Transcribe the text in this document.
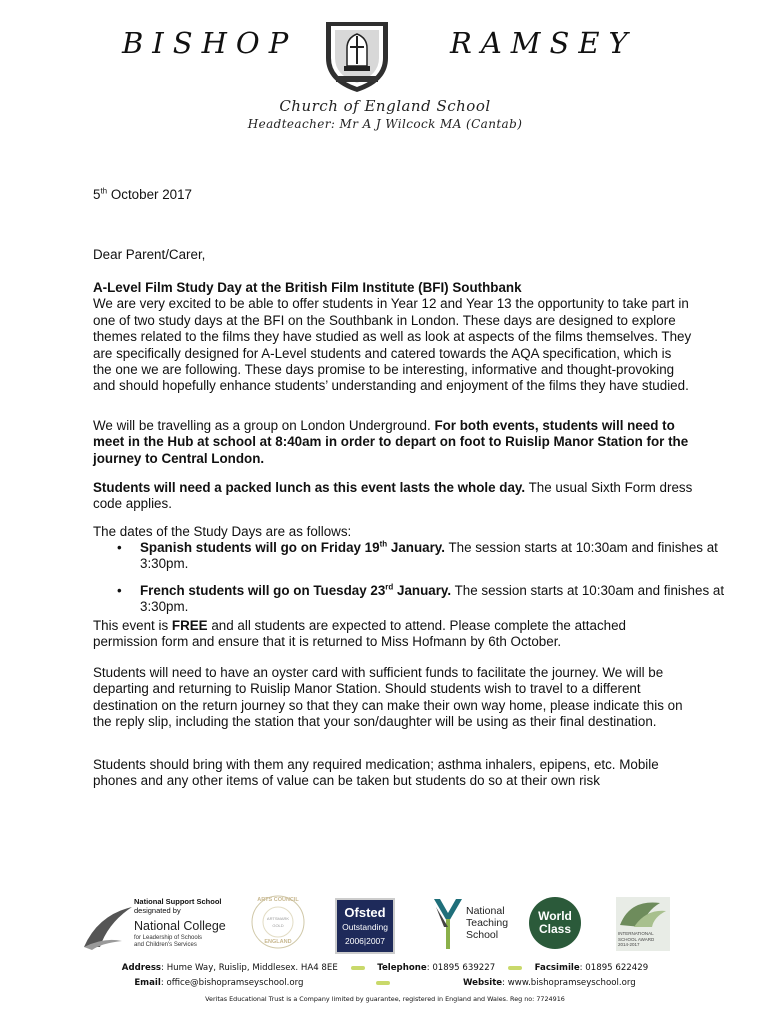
BISHOP	RAMSEY
Church of England School
Headteacher: Mr A J Wilcock MA (Cantab)
5th October 2017
Dear Parent/Carer,
A-Level Film Study Day at the British Film Institute (BFI) Southbank
We are very excited to be able to offer students in Year 12 and Year 13 the opportunity to take part in one of two study days at the BFI on the Southbank in London. These days are designed to explore themes related to the films they have studied as well as look at aspects of the films themselves. They are specifically designed for A-Level students and catered towards the AQA specification, which is the one we are following. These days promise to be interesting, informative and thought-provoking and should hopefully enhance students’ understanding and enjoyment of the films they have studied.
We will be travelling as a group on London Underground. For both events, students will need to meet in the Hub at school at 8:40am in order to depart on foot to Ruislip Manor Station for the journey to Central London.
Students will need a packed lunch as this event lasts the whole day. The usual Sixth Form dress code applies.
The dates of the Study Days are as follows:
• Spanish students will go on Friday 19th January. The session starts at 10:30am and finishes at 3:30pm.
• French students will go on Tuesday 23rd January. The session starts at 10:30am and finishes at 3:30pm.
This event is FREE and all students are expected to attend. Please complete the attached permission form and ensure that it is returned to Miss Hofmann by 6th October.
Students will need to have an oyster card with sufficient funds to facilitate the journey. We will be departing and returning to Ruislip Manor Station. Should students wish to travel to a different destination on the return journey so that they can make their own way home, please indicate this on the reply slip, including the station that your son/daughter will be using as their final destination.
Students should bring with them any required medication; asthma inhalers, epipens, etc. Mobile phones and any other items of value can be taken but students do so at their own risk
National Support School
designated by
National College
for Leadership of Schools
and Children's Services
ARTS COUNCIL
ARTSMARK
GOLD
ENGLAND
Ofsted
Outstanding
2006|2007
National
Teaching
School
World
Class	INTERNATIONAL
SCHOOL AWARD
2014-2017
Address: Hume Way, Ruislip, Middlesex. HA4 8EE	Telephone: 01895 639227	Facsimile: 01895 622429
Email: office@bishopramseyschool.org	Website: www.bishopramseyschool.org
Veritas Educational Trust is a Company limited by guarantee, registered in England and Wales. Reg no: 7724916
